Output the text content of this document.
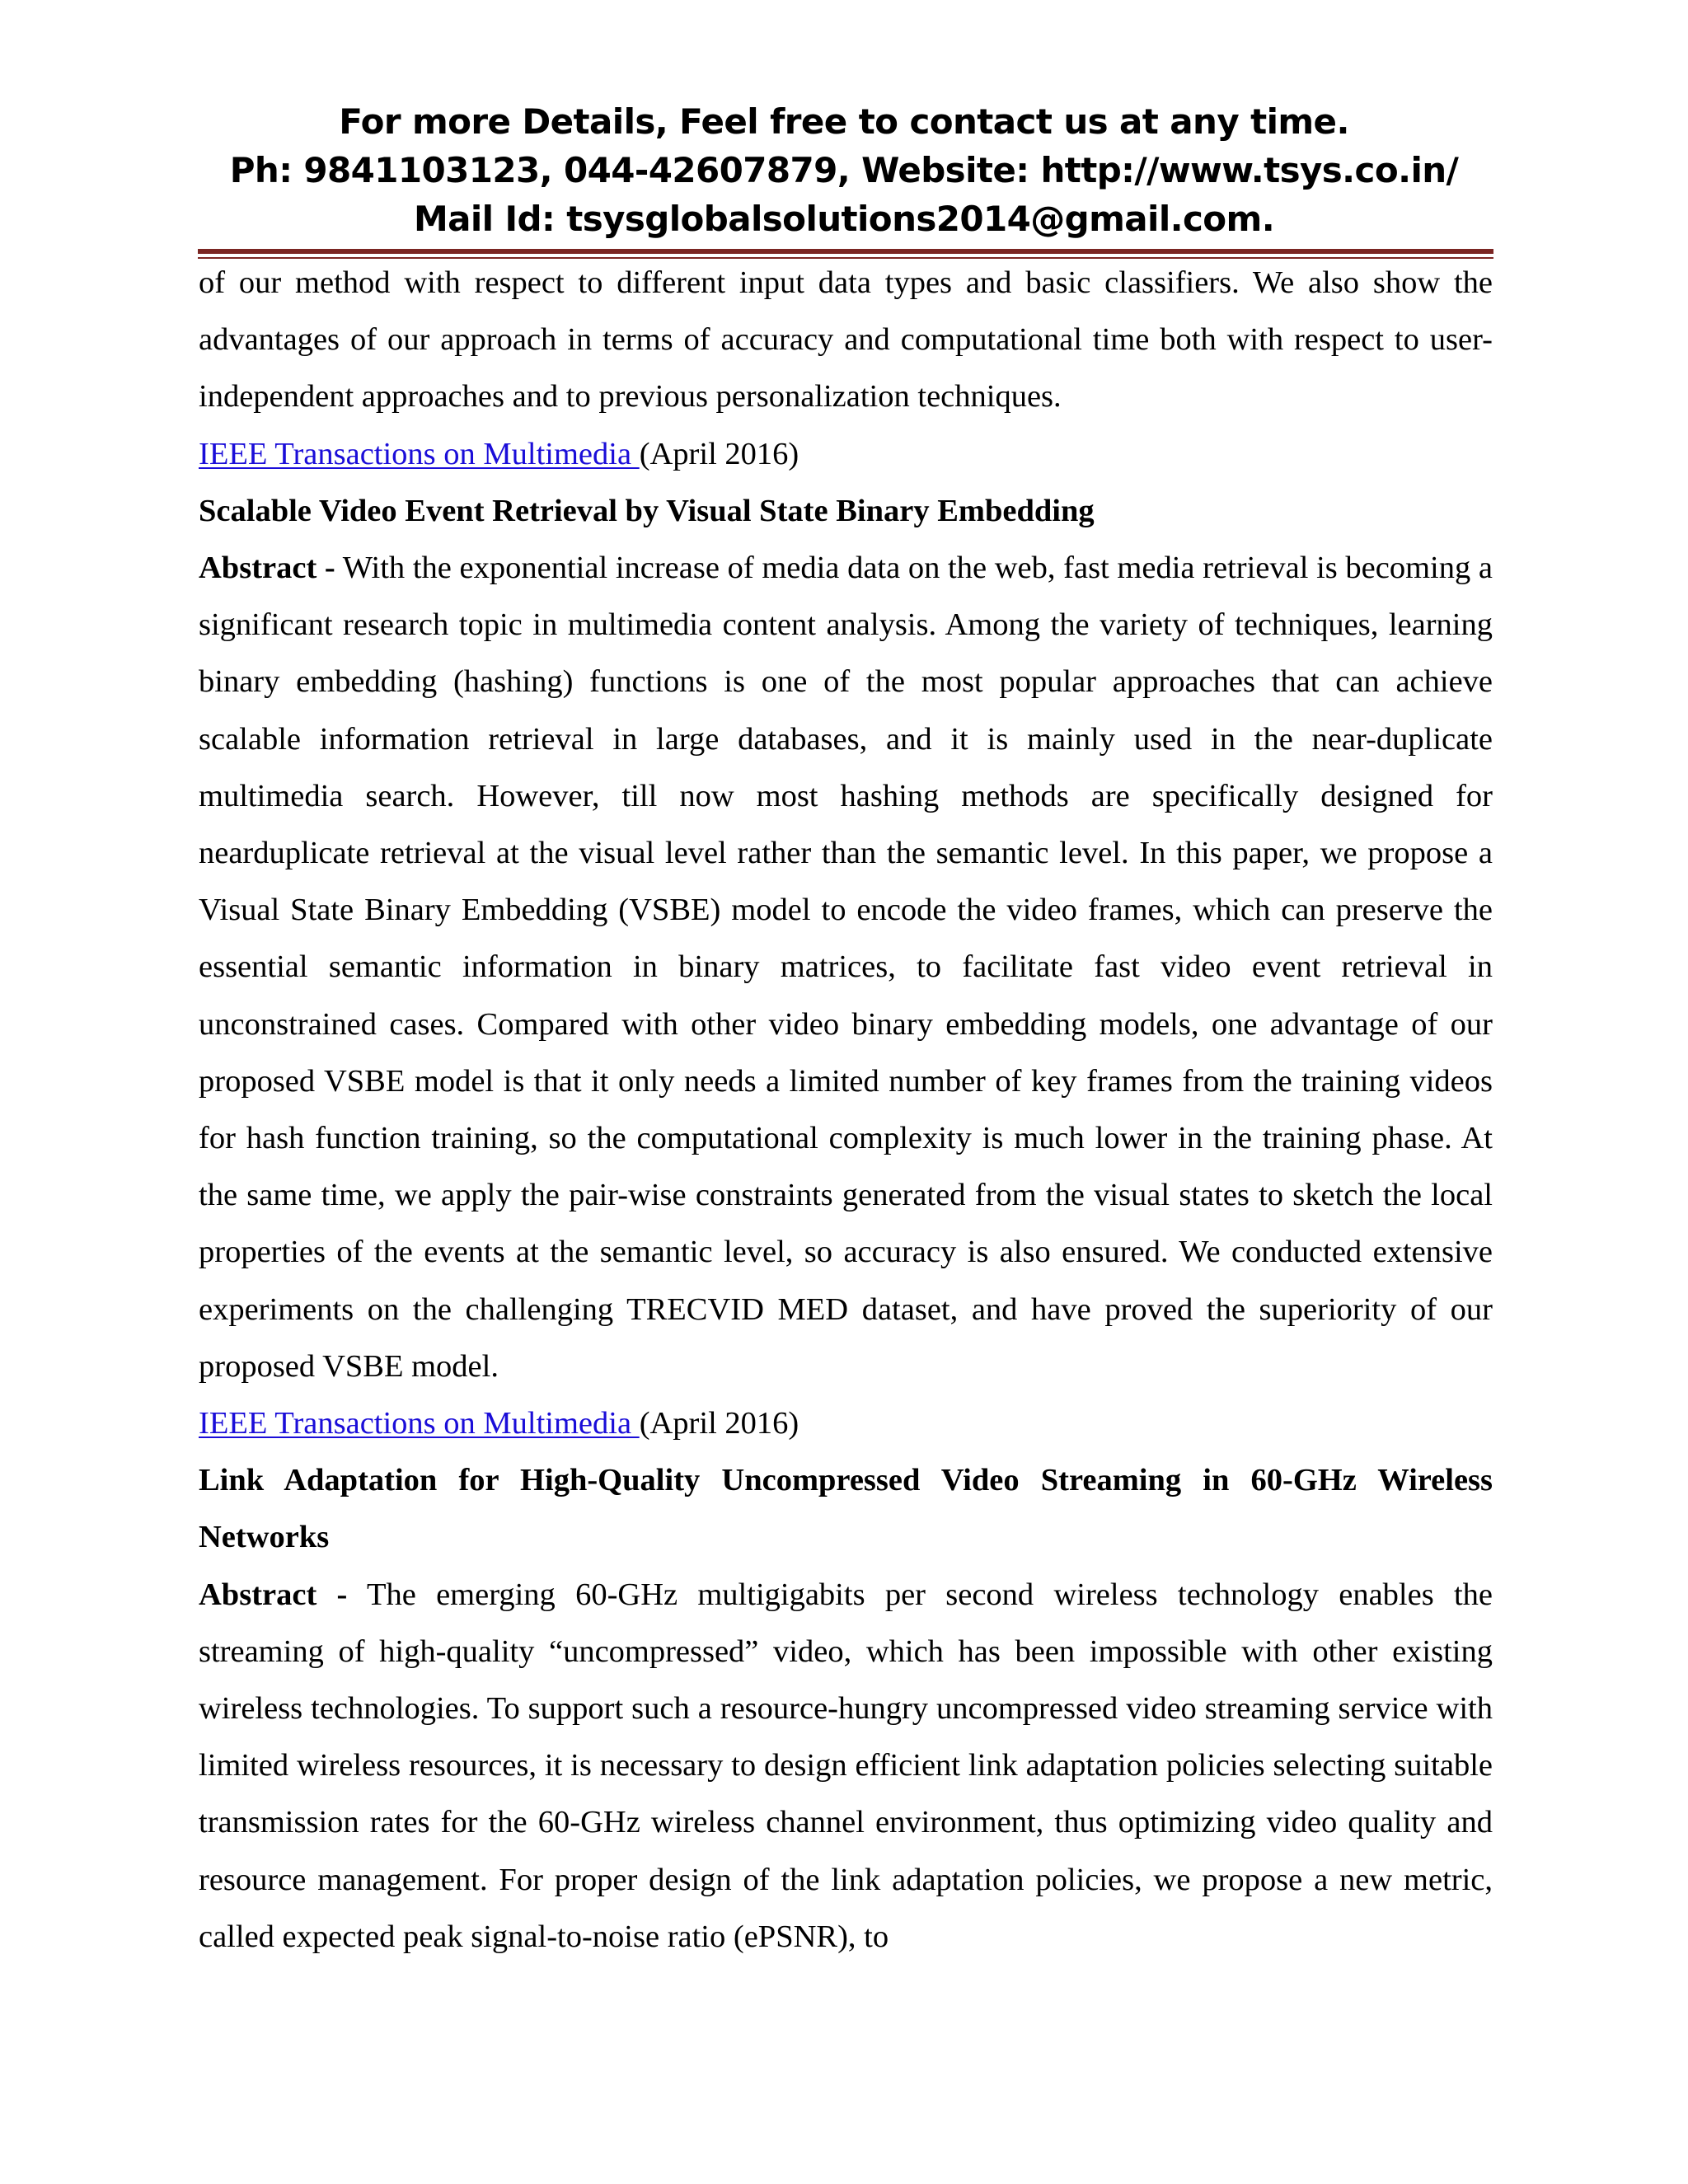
For more Details, Feel free to contact us at any time.
Ph: 9841103123, 044-42607879, Website: http://www.tsys.co.in/
Mail Id: tsysglobalsolutions2014@gmail.com.

of our method with respect to different input data types and basic classifiers. We also show the advantages of our approach in terms of accuracy and computational time both with respect to user-independent approaches and to previous personalization techniques.

IEEE Transactions on Multimedia (April 2016)

Scalable Video Event Retrieval by Visual State Binary Embedding

Abstract - With the exponential increase of media data on the web, fast media retrieval is becoming a significant research topic in multimedia content analysis. Among the variety of techniques, learning binary embedding (hashing) functions is one of the most popular approaches that can achieve scalable information retrieval in large databases, and it is mainly used in the near-duplicate multimedia search. However, till now most hashing methods are specifically designed for nearduplicate retrieval at the visual level rather than the semantic level. In this paper, we propose a Visual State Binary Embedding (VSBE) model to encode the video frames, which can preserve the essential semantic information in binary matrices, to facilitate fast video event retrieval in unconstrained cases. Compared with other video binary embedding models, one advantage of our proposed VSBE model is that it only needs a limited number of key frames from the training videos for hash function training, so the computational complexity is much lower in the training phase. At the same time, we apply the pair-wise constraints generated from the visual states to sketch the local properties of the events at the semantic level, so accuracy is also ensured. We conducted extensive experiments on the challenging TRECVID MED dataset, and have proved the superiority of our proposed VSBE model.

IEEE Transactions on Multimedia (April 2016)

Link Adaptation for High-Quality Uncompressed Video Streaming in 60-GHz Wireless Networks

Abstract - The emerging 60-GHz multigigabits per second wireless technology enables the streaming of high-quality “uncompressed” video, which has been impossible with other existing wireless technologies. To support such a resource-hungry uncompressed video streaming service with limited wireless resources, it is necessary to design efficient link adaptation policies selecting suitable transmission rates for the 60-GHz wireless channel environment, thus optimizing video quality and resource management. For proper design of the link adaptation policies, we propose a new metric, called expected peak signal-to-noise ratio (ePSNR), to
